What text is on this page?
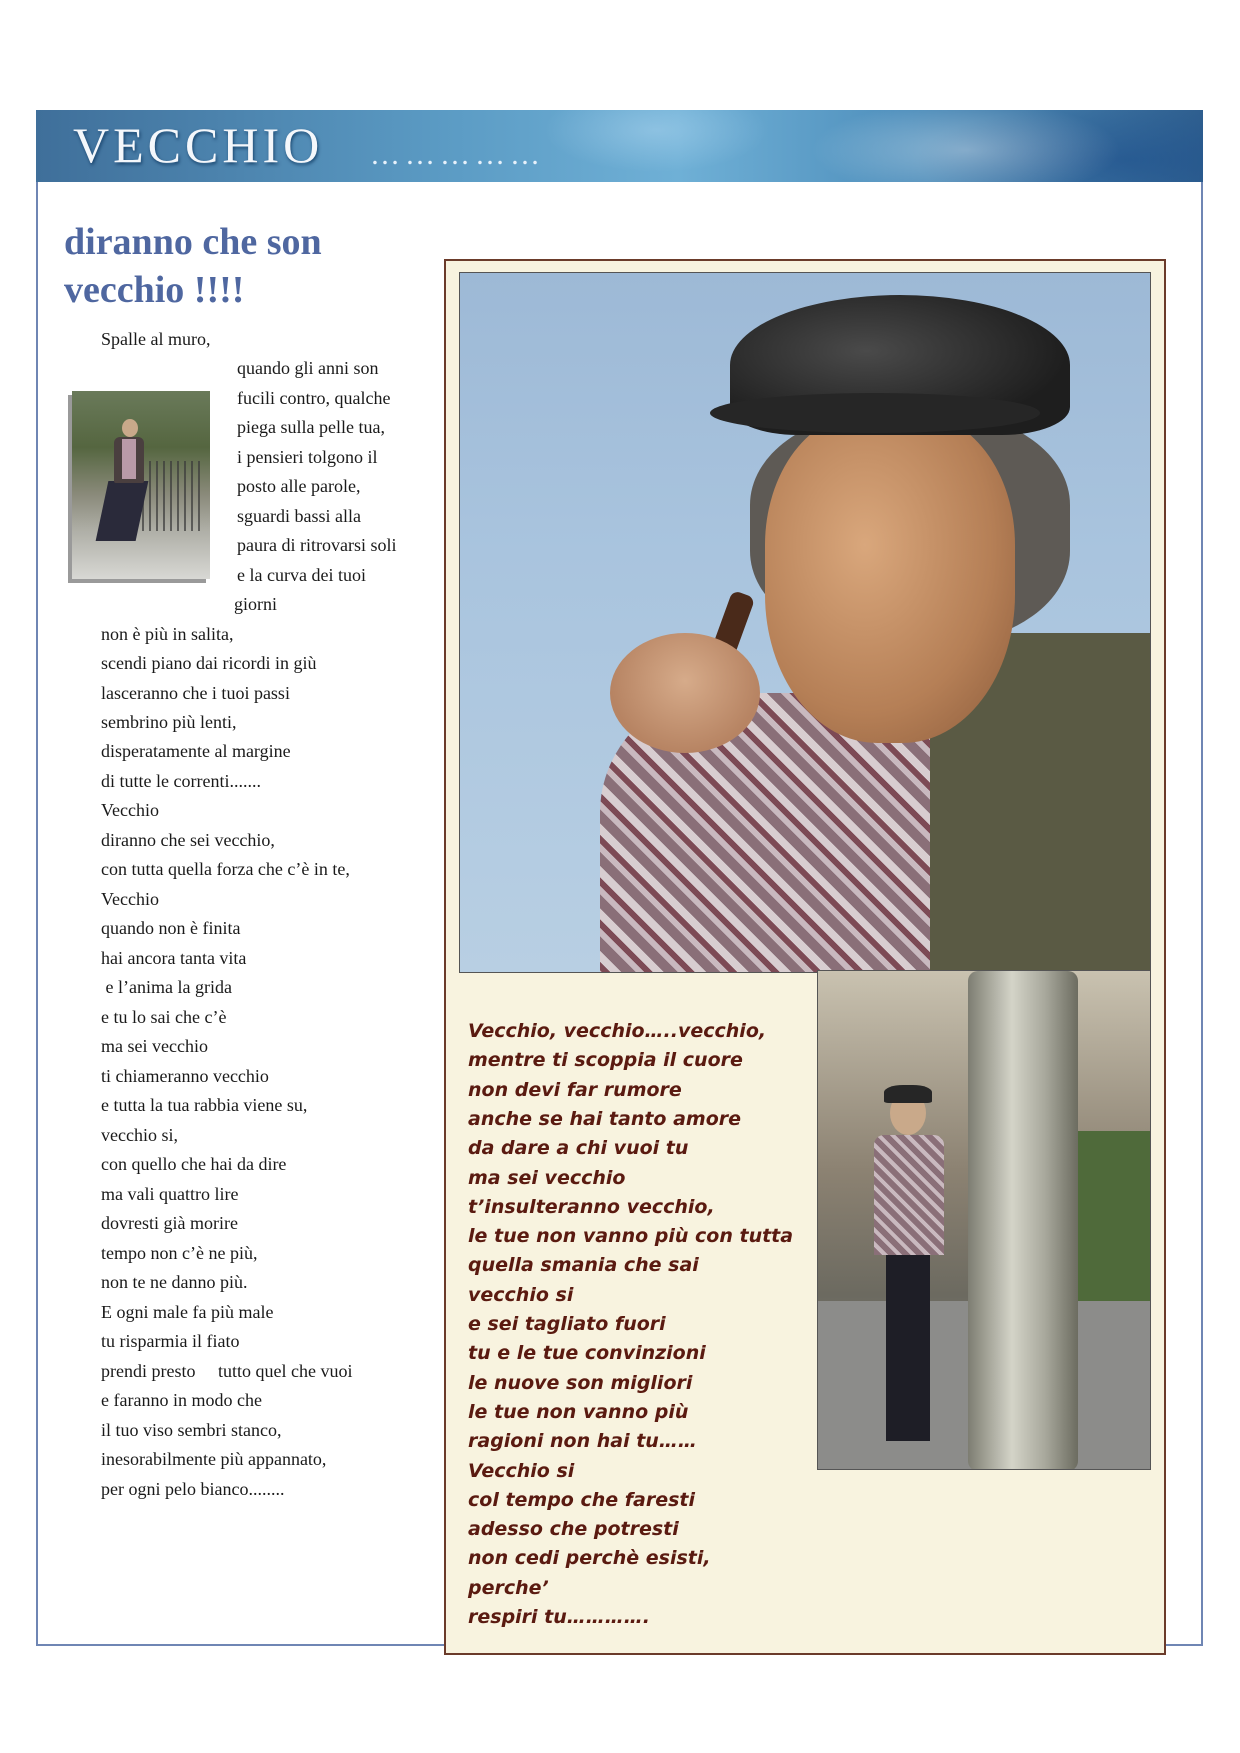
VECCHIO ……………
diranno che son vecchio !!!!
Spalle al muro,
quando gli anni son
fucili contro, qualche
piega sulla pelle tua,
i pensieri tolgono il
posto alle parole,
sguardi bassi alla
paura di ritrovarsi soli
e la curva dei tuoi
giorni
non è più in salita,
scendi piano dai ricordi in giù
lasceranno che i tuoi passi
sembrino più lenti,
disperatamente al margine
di tutte le correnti.......
Vecchio
diranno che sei vecchio,
con tutta quella forza che c’è in te,
Vecchio
quando non è finita
hai ancora tanta vita
e l’anima la grida
e tu lo sai che c’è
ma sei vecchio
ti chiameranno vecchio
e tutta la tua rabbia viene su,
vecchio si,
con quello che hai da dire
ma vali quattro lire
dovresti già morire
tempo non c’è ne più,
non te ne danno più.
E ogni male fa più male
tu risparmia il fiato
prendi presto     tutto quel che vuoi
e faranno in modo che
il tuo viso sembri stanco,
inesorabilmente più appannato,
per ogni pelo bianco........
Vecchio, vecchio…..vecchio,
mentre ti scoppia il cuore
non devi far rumore
anche se hai tanto amore
da dare a chi vuoi tu
ma sei vecchio
t’insulteranno vecchio,
le tue non vanno più con tutta
quella smania che sai
vecchio si
e sei tagliato fuori
tu e le tue convinzioni
le nuove son migliori
le tue non vanno più
ragioni non hai tu……
Vecchio si
col tempo che faresti
adesso che potresti
non cedi perchè esisti,
perche’
respiri tu………….
